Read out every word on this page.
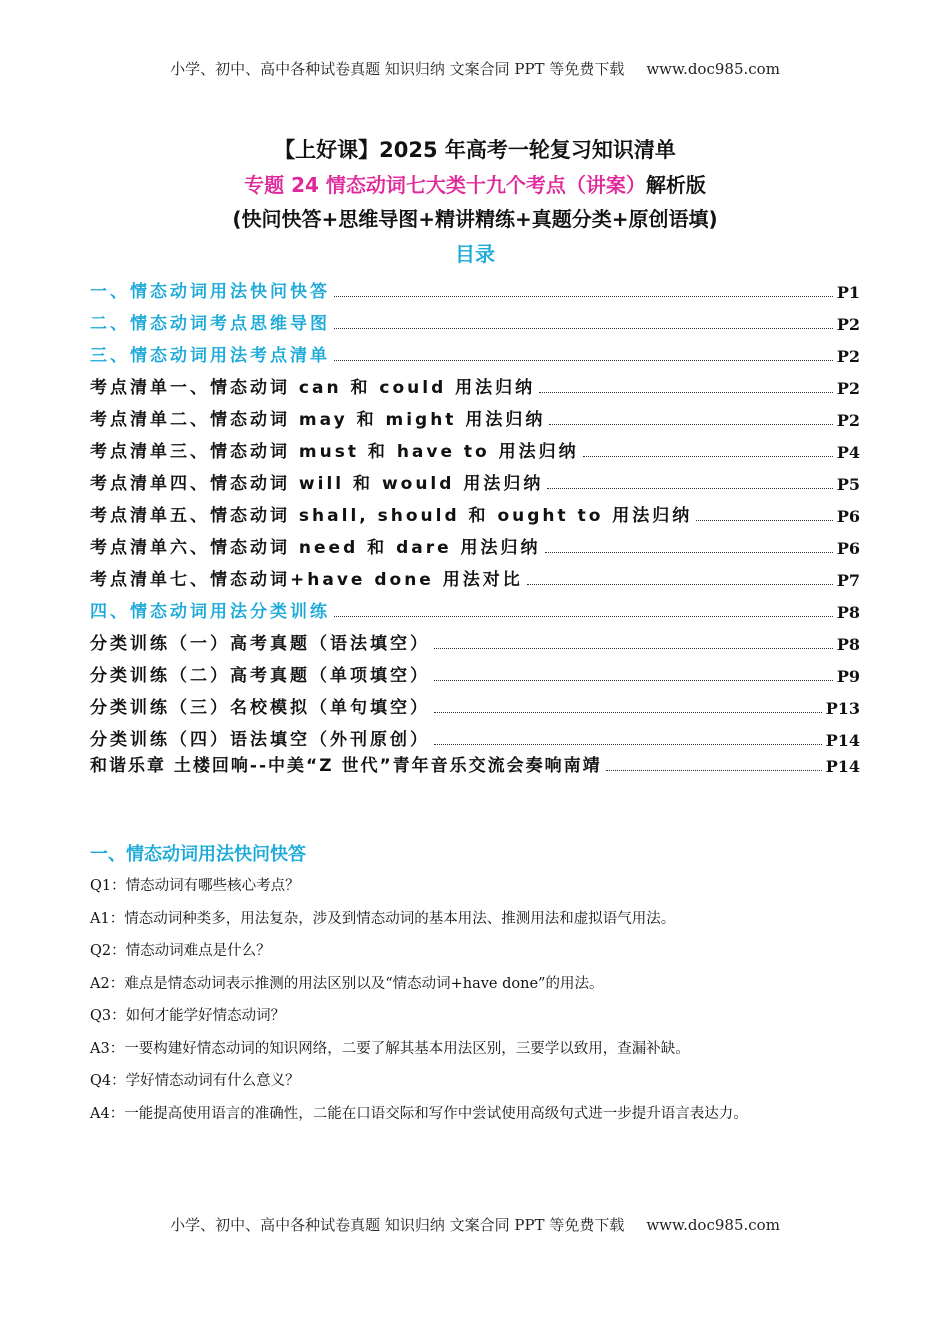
小学、初中、高中各种试卷真题 知识归纳 文案合同 PPT 等免费下载 www.doc985.com
【上好课】2025 年高考一轮复习知识清单
专题 24 情态动词七大类十九个考点（讲案）解析版
(快问快答+思维导图+精讲精练+真题分类+原创语填)
目录
一、情态动词用法快问快答	P1
二、情态动词考点思维导图	P2
三、情态动词用法考点清单	P2
考点清单一、情态动词 can 和 could 用法归纳	P2
考点清单二、情态动词 may 和 might 用法归纳	P2
考点清单三、情态动词 must 和 have to 用法归纳	P4
考点清单四、情态动词 will 和 would 用法归纳	P5
考点清单五、情态动词 shall, should 和 ought to 用法归纳	P6
考点清单六、情态动词 need 和 dare 用法归纳	P6
考点清单七、情态动词+have done 用法对比	P7
四、情态动词用法分类训练	P8
分类训练（一）高考真题（语法填空）	P8
分类训练（二）高考真题（单项填空）	P9
分类训练（三）名校模拟（单句填空）	P13
分类训练（四）语法填空（外刊原创）	P14
和谐乐章 土楼回响--中美“Z 世代”青年音乐交流会奏响南靖	P14
一、情态动词用法快问快答
Q1：情态动词有哪些核心考点？
A1：情态动词种类多，用法复杂，涉及到情态动词的基本用法、推测用法和虚拟语气用法。
Q2：情态动词难点是什么？
A2：难点是情态动词表示推测的用法区别以及“情态动词+have done”的用法。
Q3：如何才能学好情态动词？
A3：一要构建好情态动词的知识网络，二要了解其基本用法区别，三要学以致用，查漏补缺。
Q4：学好情态动词有什么意义？
A4：一能提高使用语言的准确性，二能在口语交际和写作中尝试使用高级句式进一步提升语言表达力。
小学、初中、高中各种试卷真题 知识归纳 文案合同 PPT 等免费下载 www.doc985.com
